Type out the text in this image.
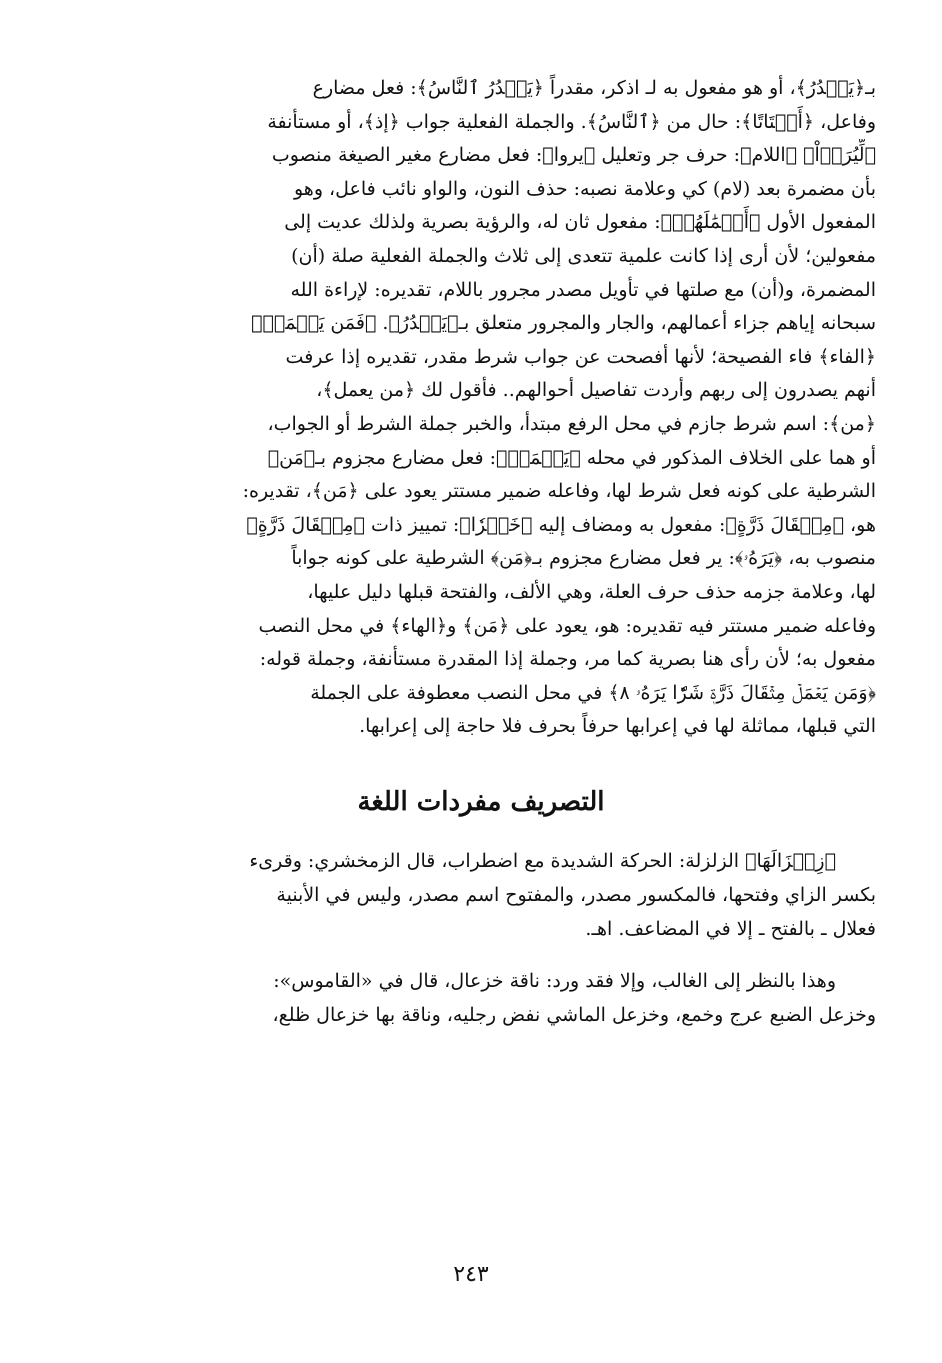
بـ﴿يَصۡدُرُ﴾، أو هو مفعول به لـ اذكر، مقدراً ﴿يَصۡدُرُ ٱلنَّاسُ﴾: فعل مضارع
وفاعل، ﴿أَشۡتَاتًا﴾: حال من ﴿ٱلنَّاسُ﴾. والجملة الفعلية جواب ﴿إذ﴾، أو مستأنفة
﴿لِّيُرَوۡاْ﴾ ﴿اللام﴾: حرف جر وتعليل ﴿يروا﴾: فعل مضارع مغير الصيغة منصوب
بأن مضمرة بعد (لام) كي وعلامة نصبه: حذف النون، والواو نائب فاعل، وهو
المفعول الأول ﴿أَعۡمَٰلَهُمۡ﴾: مفعول ثان له، والرؤية بصرية ولذلك عديت إلى
مفعولين؛ لأن أرى إذا كانت علمية تتعدى إلى ثلاث والجملة الفعلية صلة (أن)
المضمرة، و(أن) مع صلتها في تأويل مصدر مجرور باللام، تقديره: لإراءة الله
سبحانه إياهم جزاء أعمالهم، والجار والمجرور متعلق بـ﴿يَصۡدُرُ﴾. ﴿فَمَن يَعۡمَلۡ﴾
﴿الفاء﴾ فاء الفصيحة؛ لأنها أفصحت عن جواب شرط مقدر، تقديره إذا عرفت
أنهم يصدرون إلى ربهم وأردت تفاصيل أحوالهم.. فأقول لك ﴿من يعمل﴾،
﴿من﴾: اسم شرط جازم في محل الرفع مبتدأ، والخبر جملة الشرط أو الجواب،
أو هما على الخلاف المذكور في محله ﴿يَعۡمَلۡ﴾: فعل مضارع مجزوم بـ﴿مَن﴾
الشرطية على كونه فعل شرط لها، وفاعله ضمير مستتر يعود على ﴿مَن﴾، تقديره:
هو، ﴿مِثۡقَالَ ذَرَّةٍ﴾: مفعول به ومضاف إليه ﴿خَيۡرٗا﴾: تمييز ذات ﴿مِثۡقَالَ ذَرَّةٍ﴾
منصوب به، ﴿يَرَهُۥ﴾: ير فعل مضارع مجزوم بـ﴿مَن﴾ الشرطية على كونه جواباً
لها، وعلامة جزمه حذف حرف العلة، وهي الألف، والفتحة قبلها دليل عليها،
وفاعله ضمير مستتر فيه تقديره: هو، يعود على ﴿مَن﴾ و﴿الهاء﴾ في محل النصب
مفعول به؛ لأن رأى هنا بصرية كما مر، وجملة إذا المقدرة مستأنفة، وجملة قوله:
﴿وَمَن يَعۡمَلۡ مِثۡقَالَ ذَرَّةٖ شَرّٗا يَرَهُۥ ٨﴾ في محل النصب معطوفة على الجملة
التي قبلها، مماثلة لها في إعرابها حرفاً بحرف فلا حاجة إلى إعرابها.
التصريف مفردات اللغة
﴿زِلۡزَالَهَا﴾ الزلزلة: الحركة الشديدة مع اضطراب، قال الزمخشري: وقرىء
بكسر الزاي وفتحها، فالمكسور مصدر، والمفتوح اسم مصدر، وليس في الأبنية
فعلال ـ بالفتح ـ إلا في المضاعف. اهـ.
وهذا بالنظر إلى الغالب، وإلا فقد ورد: ناقة خزعال، قال في «القاموس»:
وخزعل الضبع عرج وخمع، وخزعل الماشي نفض رجليه، وناقة بها خزعال ظلع،
٢٤٣
